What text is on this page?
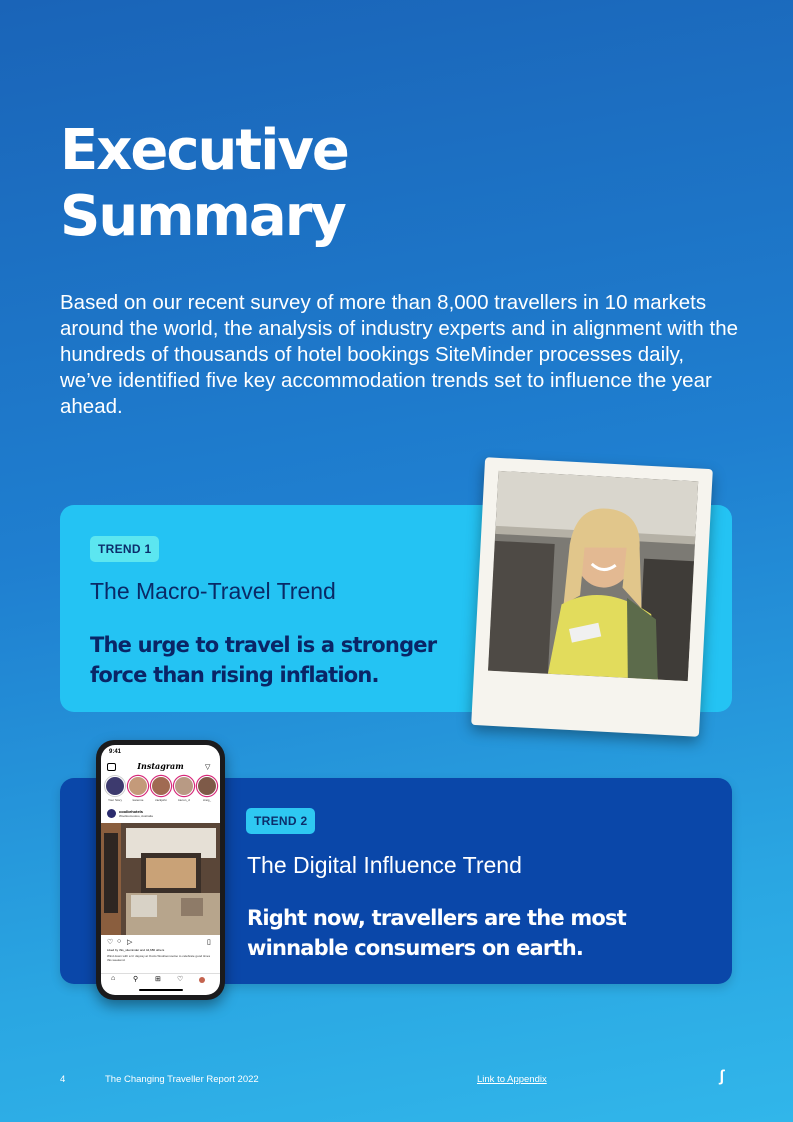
Executive
Summary

Based on our recent survey of more than 8,000 travellers in 10 markets around the world, the analysis of industry experts and in alignment with the hundreds of thousands of hotel bookings SiteMinder processes daily, we’ve identified five key accommodation trends set to influence the year ahead.

TREND 1
The Macro-Travel Trend
The urge to travel is a stronger force than rising inflation.
TREND 2
The Digital Influence Trend
Right now, travellers are the most winnable consumers on earth.
9:41
Instagram	▽
Your Story	karenne	zackjohn	kieron_d	craig_
coolbrhotels
Woolloomooloo, Australia
♡ ○ ▷	▯
Liked by this_sitemind​er and 44,686 others
Wind down with a G' daycay at Ovolo Woolloomooloo to celebrate good times this weekend.
⌂	⚲ ⊞ ♡
4	The Changing Traveller Report 2022	Link to Appendix	ʃ
